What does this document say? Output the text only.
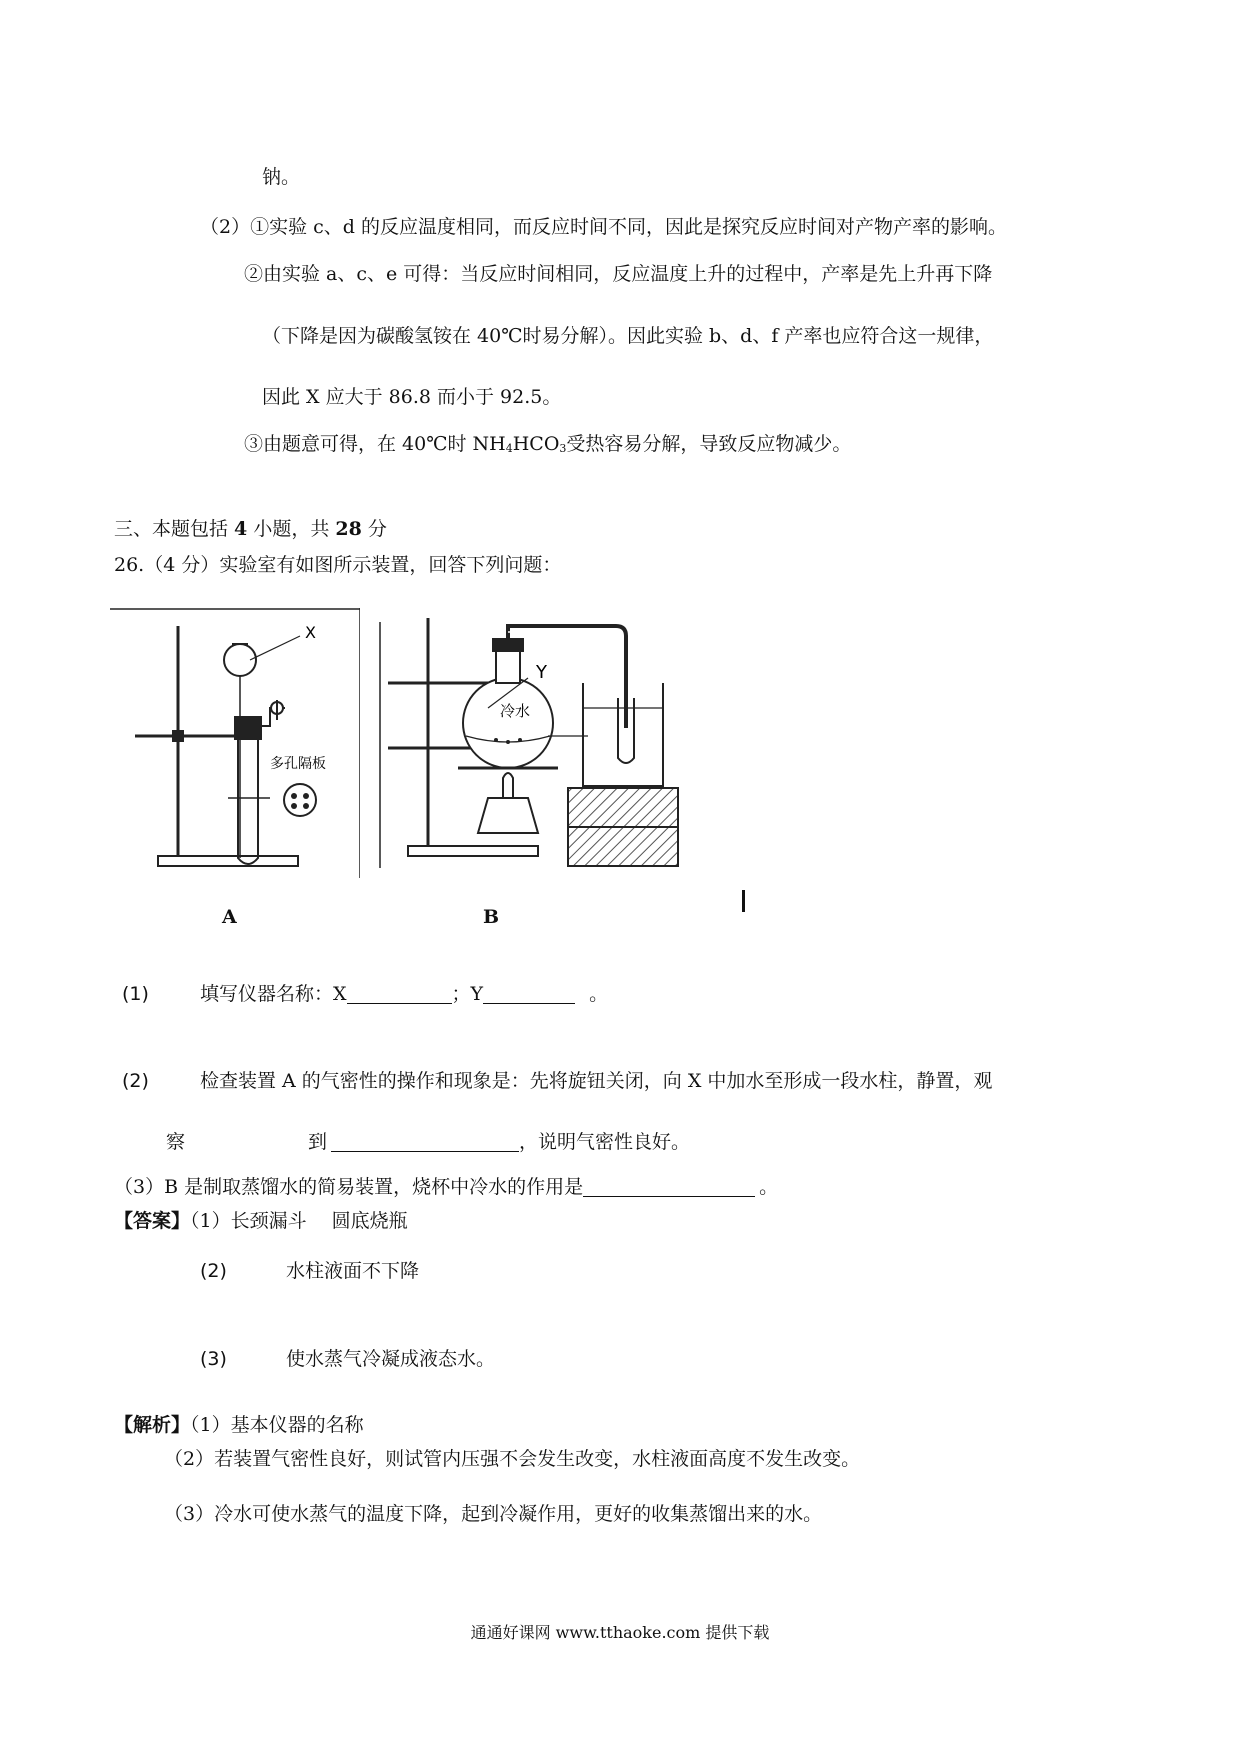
钠。
（2）①实验 c、d 的反应温度相同，而反应时间不同，因此是探究反应时间对产物产率的影响。
②由实验 a、c、e 可得：当反应时间相同，反应温度上升的过程中，产率是先上升再下降
（下降是因为碳酸氢铵在 40℃时易分解）。因此实验 b、d、f 产率也应符合这一规律，
因此 X 应大于 86.8 而小于 92.5。
③由题意可得，在 40℃时 $NH_4HCO_3$受热容易分解，导致反应物减少。
三、本题包括 4 小题，共 28 分
26.（4 分）实验室有如图所示装置，回答下列问题：
X
多孔隔板
Y
冷水
A	B
(1)	填写仪器名称：X	；Y	。
(2)	检查装置 A 的气密性的操作和现象是：先将旋钮关闭，向 X 中加水至形成一段水柱，静置，观
察	到	，说明气密性良好。
（3）B 是制取蒸馏水的简易装置，烧杯中冷水的作用是	。
【答案】（1）长颈漏斗　 圆底烧瓶
(2)	水柱液面不下降
(3)	使水蒸气冷凝成液态水。
【解析】（1）基本仪器的名称
（2）若装置气密性良好，则试管内压强不会发生改变，水柱液面高度不发生改变。
（3）冷水可使水蒸气的温度下降，起到冷凝作用，更好的收集蒸馏出来的水。
通通好课网 www.tthaoke.com 提供下载
